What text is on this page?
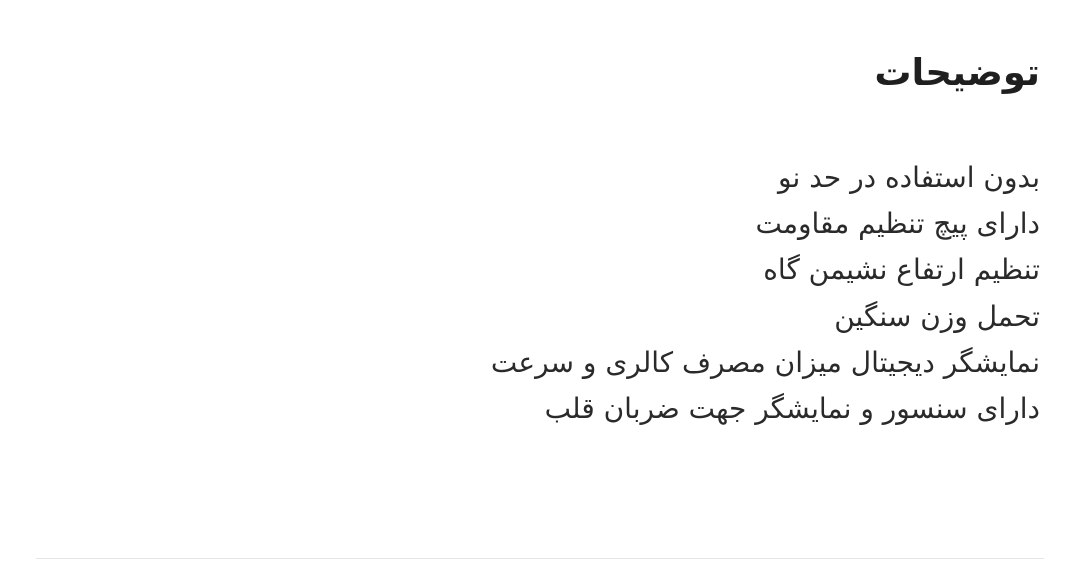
توضیحات
بدون استفاده در حد نو
دارای پیچ تنظیم مقاومت
تنظیم ارتفاع نشیمن گاه
تحمل وزن سنگین
نمایشگر دیجیتال میزان مصرف کالری و سرعت
دارای سنسور و نمایشگر جهت ضربان قلب
